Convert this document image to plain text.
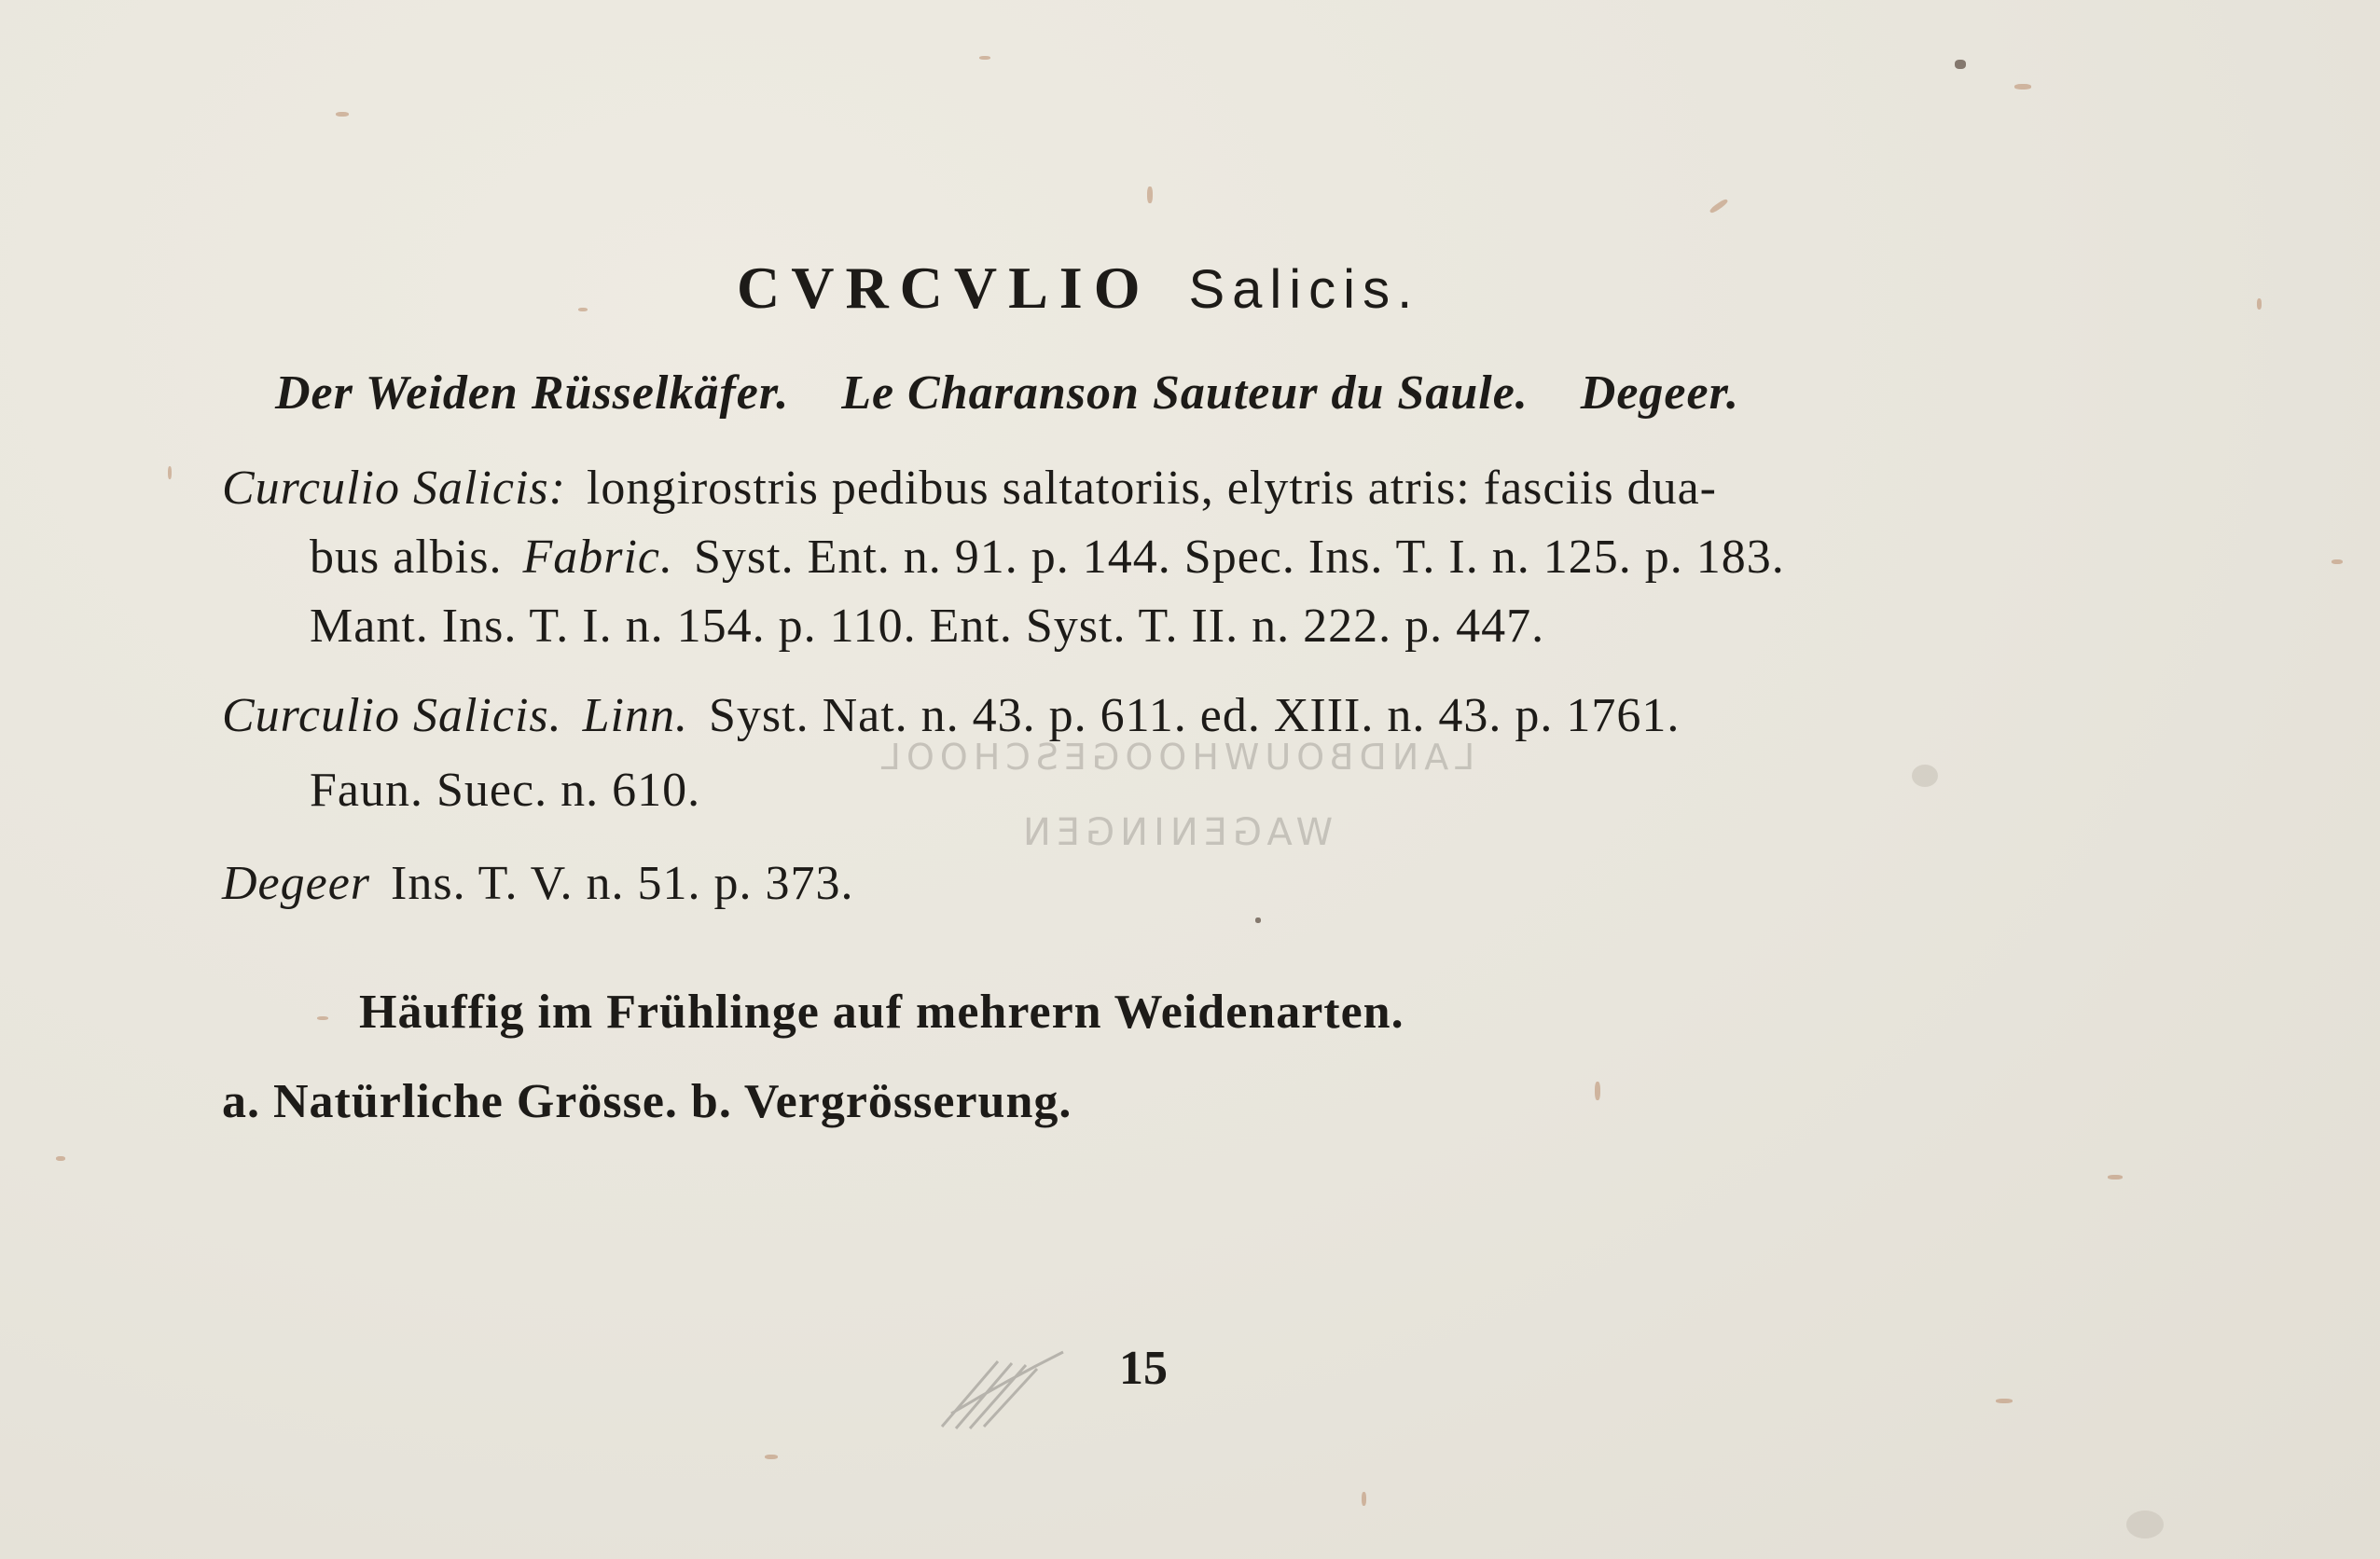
LANDBOUWHOOGESCHOOL
WAGENINGEN
CVRCVLIO Salicis.
Der Weiden Rüsselkäfer. Le Charanson Sauteur du Saule. Degeer.
Curculio Salicis: longirostris pedibus saltatoriis, elytris atris: fasciis dua-
bus albis. Fabric. Syst. Ent. n. 91. p. 144. Spec. Ins. T. I. n. 125. p. 183.
Mant. Ins. T. I. n. 154. p. 110. Ent. Syst. T. II. n. 222. p. 447.
Curculio Salicis. Linn. Syst. Nat. n. 43. p. 611. ed. XIII. n. 43. p. 1761.
Faun. Suec. n. 610.
Degeer Ins. T. V. n. 51. p. 373.
Häuffig im Frühlinge auf mehrern Weidenarten.
a. Natürliche Grösse. b. Vergrösserung.
15
